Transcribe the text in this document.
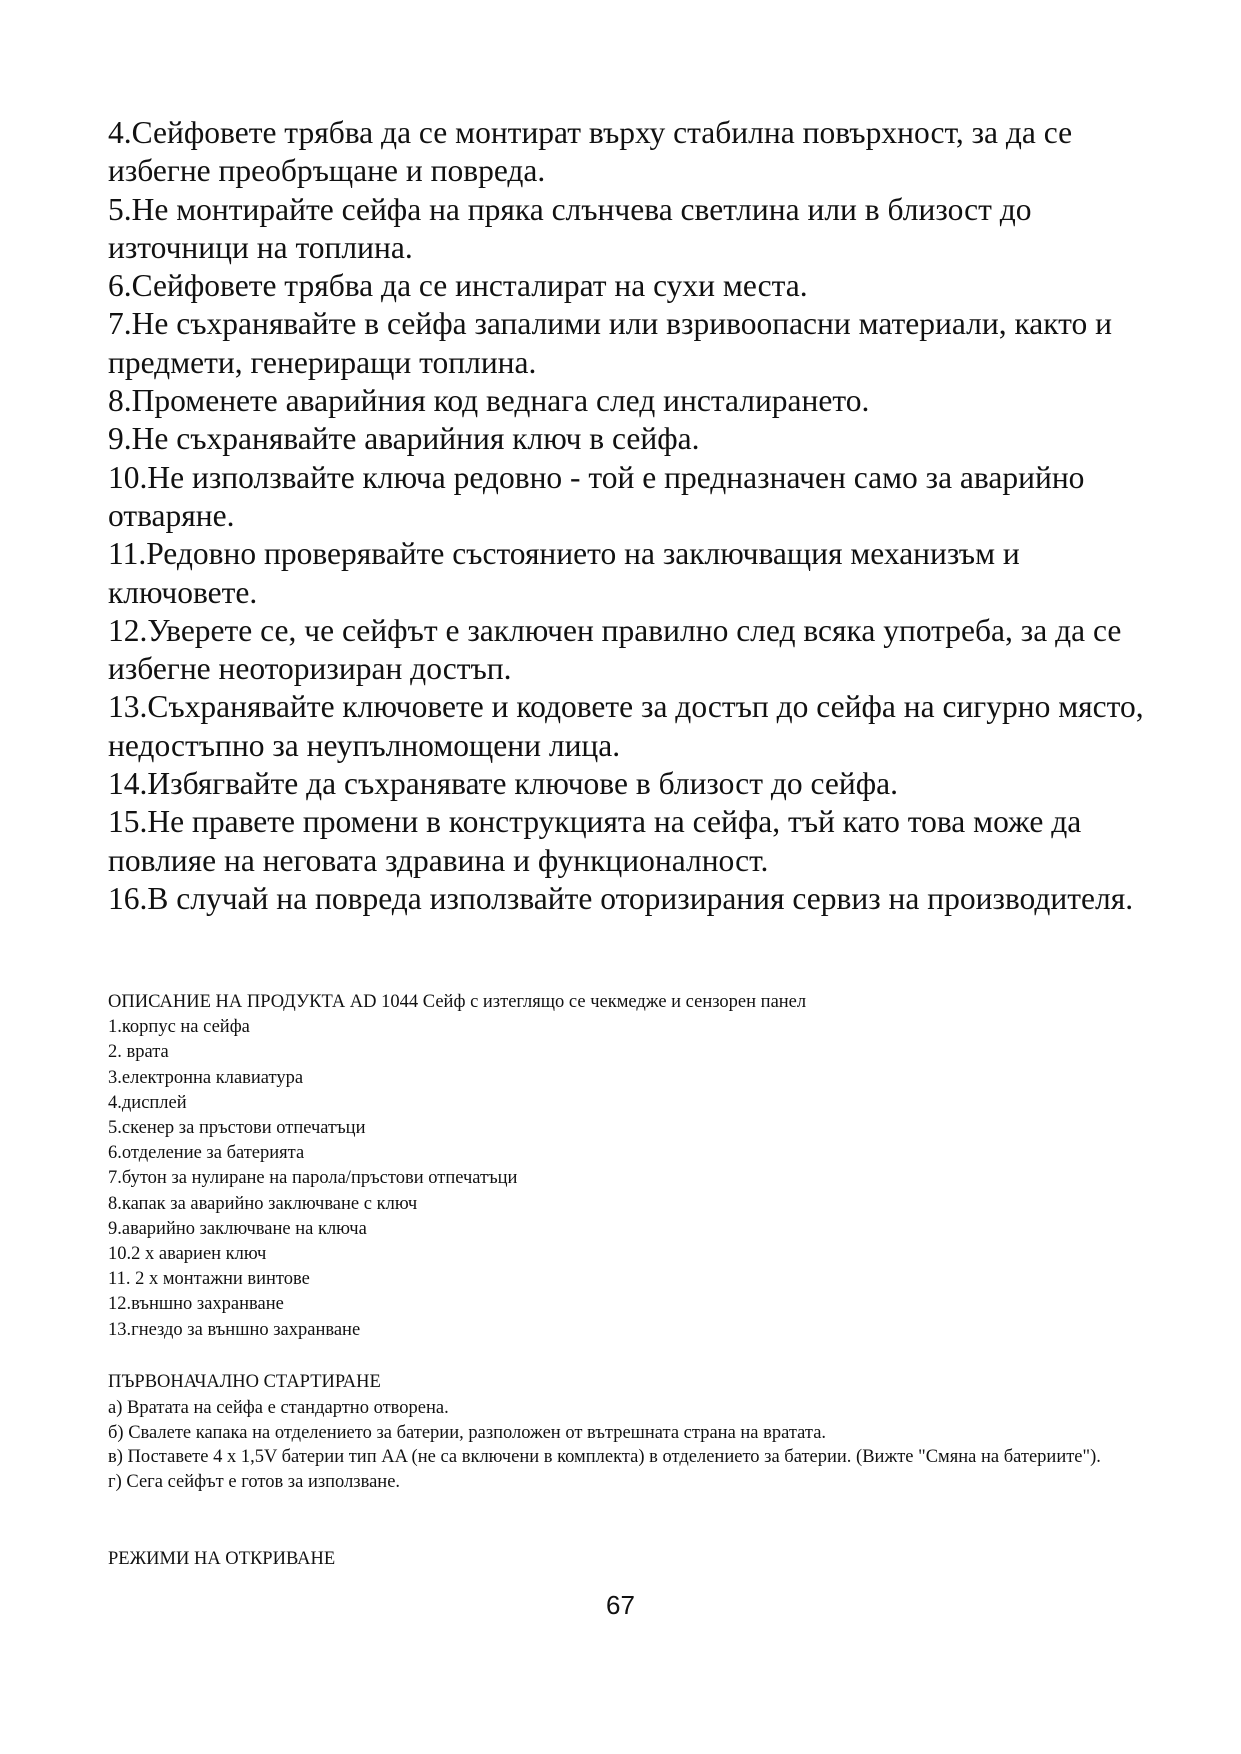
4.Сейфовете трябва да се монтират върху стабилна повърхност, за да се избегне преобръщане и повреда.

5.Не монтирайте сейфа на пряка слънчева светлина или в близост до източници на топлина.

6.Сейфовете трябва да се инсталират на сухи места.

7.Не съхранявайте в сейфа запалими или взривоопасни материали, както и предмети, генериращи топлина.

8.Променете аварийния код веднага след инсталирането.

9.Не съхранявайте аварийния ключ в сейфа.

10.Не използвайте ключа редовно - той е предназначен само за аварийно отваряне.

11.Редовно проверявайте състоянието на заключващия механизъм и ключовете.

12.Уверете се, че сейфът е заключен правилно след всяка употреба, за да се избегне неоторизиран достъп.

13.Съхранявайте ключовете и кодовете за достъп до сейфа на сигурно място, недостъпно за неупълномощени лица.

14.Избягвайте да съхранявате ключове в близост до сейфа.

15.Не правете промени в конструкцията на сейфа, тъй като това може да повлияе на неговата здравина и функционалност.

16.В случай на повреда използвайте оторизирания сервиз на производителя.

ОПИСАНИЕ НА ПРОДУКТА AD 1044 Сейф с изтеглящо се чекмедже и сензорен панел

1.корпус на сейфа

2. врата

3.електронна клавиатура

4.дисплей

5.скенер за пръстови отпечатъци

6.отделение за батерията

7.бутон за нулиране на парола/пръстови отпечатъци

8.капак за аварийно заключване с ключ

9.аварийно заключване на ключа

10.2 x авариен ключ

11. 2 x монтажни винтове

12.външно захранване

13.гнездо за външно захранване

ПЪРВОНАЧАЛНО СТАРТИРАНЕ

а) Вратата на сейфа е стандартно отворена.

б) Свалете капака на отделението за батерии, разположен от вътрешната страна на вратата.

в) Поставете 4 x 1,5V батерии тип AA (не са включени в комплекта) в отделението за батерии. (Вижте "Смяна на батериите").

г) Сега сейфът е готов за използване.

РЕЖИМИ НА ОТКРИВАНЕ

67
